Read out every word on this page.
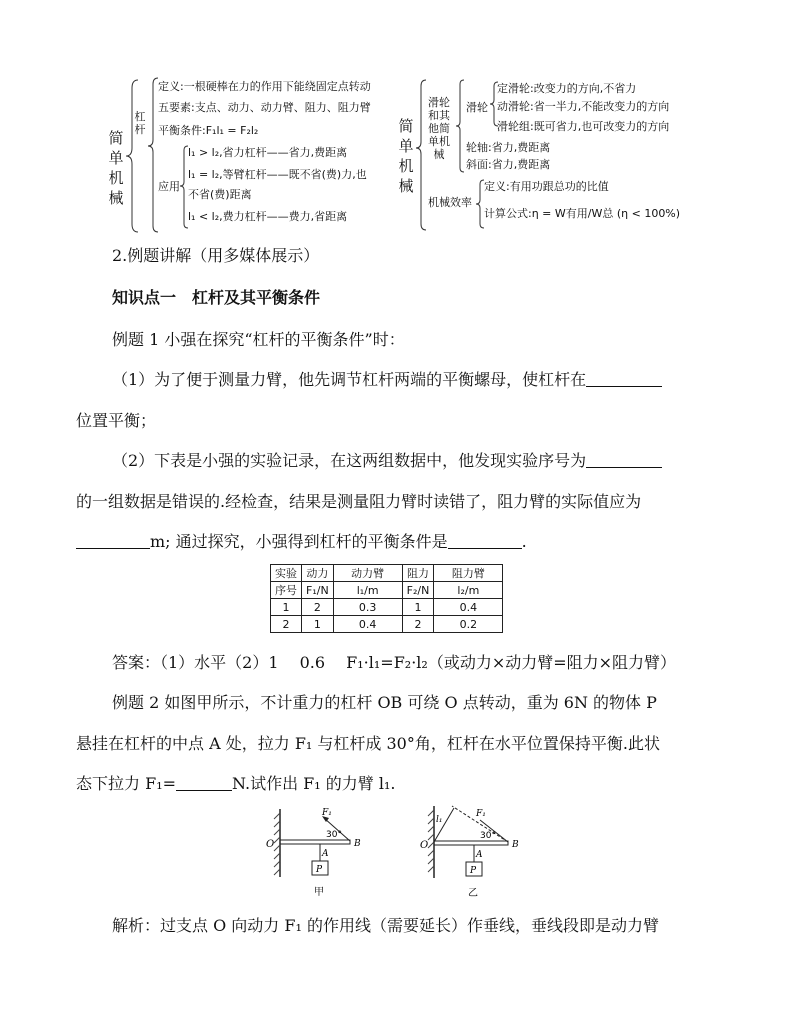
简单机械
杠杆
定义:一根硬棒在力的作用下能绕固定点转动
五要素:支点、动力、动力臂、阻力、阻力臂
平衡条件:F₁l₁ = F₂l₂
应用
l₁ > l₂,省力杠杆——省力,费距离
l₁ = l₂,等臂杠杆——既不省(费)力,也
不省(费)距离
l₁ < l₂,费力杠杆——费力,省距离
简单机械
滑轮和其他简单机械
滑轮
定滑轮:改变力的方向,不省力
动滑轮:省一半力,不能改变力的方向
滑轮组:既可省力,也可改变力的方向
轮轴:省力,费距离
斜面:省力,费距离
机械效率
定义:有用功跟总功的比值
计算公式:η = W有用/W总 (η < 100%)
2.例题讲解（用多媒体展示）
知识点一　杠杆及其平衡条件
例题 1 小强在探究“杠杆的平衡条件”时：
（1）为了便于测量力臂，他先调节杠杆两端的平衡螺母，使杠杆在
位置平衡；
（2）下表是小强的实验记录，在这两组数据中，他发现实验序号为
的一组数据是错误的.经检查，结果是测量阻力臂时读错了，阻力臂的实际值应为
m; 通过探究，小强得到杠杆的平衡条件是	.
实验	动力	动力臂	阻力	阻力臂
序号	F₁/N	l₁/m	F₂/N	l₂/m
1	2	0.3	1	0.4
2	1	0.4	2	0.2
答案：（1）水平（2）1　 0.6　 F₁·l₁=F₂·l₂（或动力×动力臂=阻力×阻力臂）
例题 2 如图甲所示，不计重力的杠杆 OB 可绕 O 点转动，重为 6N 的物体 P
悬挂在杠杆的中点 A 处，拉力 F₁ 与杠杆成 30°角，杠杆在水平位置保持平衡.此状
态下拉力 F₁=	N.试作出 F₁ 的力臂 l₁.
O
A
B
P
F₁
30°
甲
O
A
B
P
F₁
l₁
30°
乙
解析：过支点 O 向动力 F₁ 的作用线（需要延长）作垂线，垂线段即是动力臂
